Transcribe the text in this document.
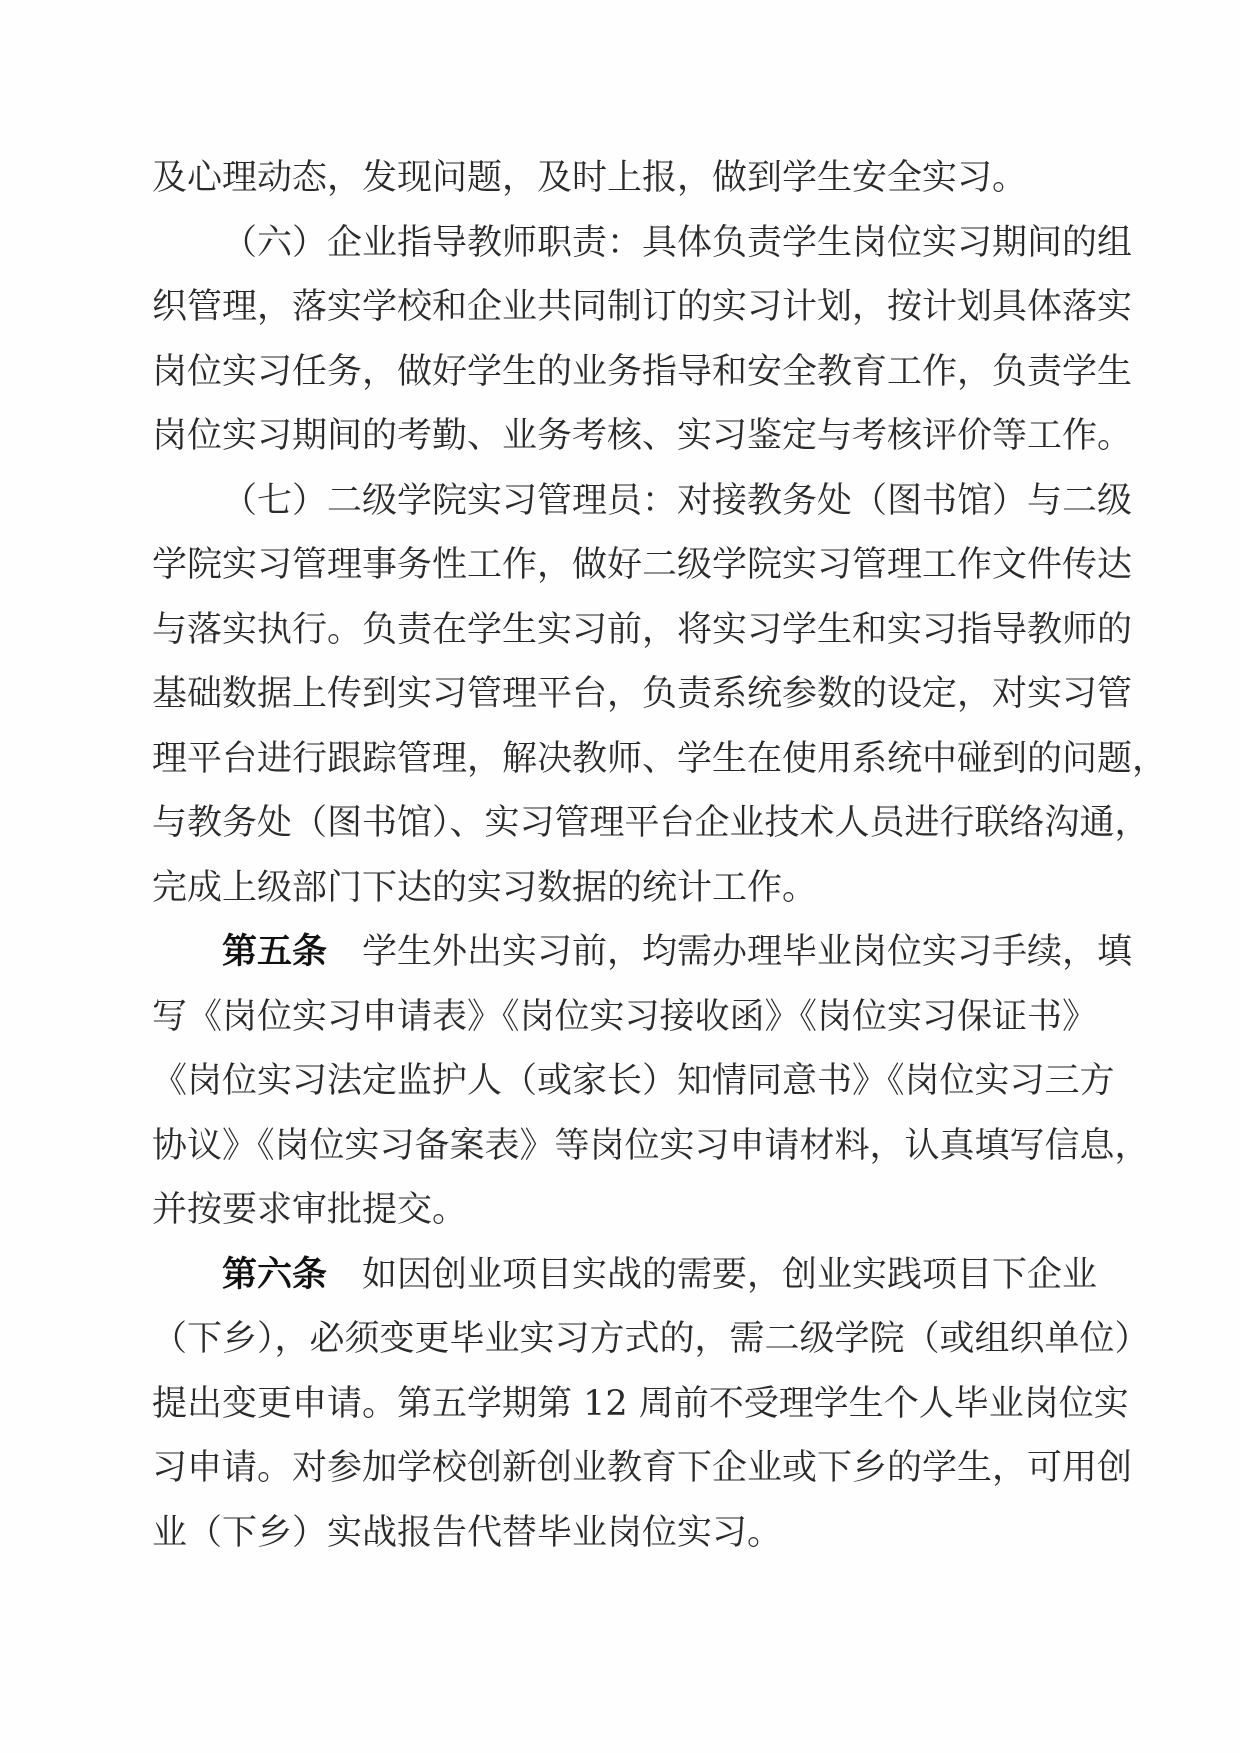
及心理动态，发现问题，及时上报，做到学生安全实习。
（六）企业指导教师职责：具体负责学生岗位实习期间的组
织管理，落实学校和企业共同制订的实习计划，按计划具体落实
岗位实习任务，做好学生的业务指导和安全教育工作，负责学生
岗位实习期间的考勤、业务考核、实习鉴定与考核评价等工作。
（七）二级学院实习管理员：对接教务处（图书馆）与二级
学院实习管理事务性工作，做好二级学院实习管理工作文件传达
与落实执行。负责在学生实习前，将实习学生和实习指导教师的
基础数据上传到实习管理平台，负责系统参数的设定，对实习管
理平台进行跟踪管理，解决教师、学生在使用系统中碰到的问题，
与教务处（图书馆）、实习管理平台企业技术人员进行联络沟通，
完成上级部门下达的实习数据的统计工作。
第五条　 学生外出实习前，均需办理毕业岗位实习手续，填
写《岗位实习申请表》《岗位实习接收函》《岗位实习保证书》
《岗位实习法定监护人（或家长）知情同意书》《岗位实习三方
协议》《岗位实习备案表》等岗位实习申请材料，认真填写信息，
并按要求审批提交。
第六条　 如因创业项目实战的需要，创业实践项目下企业
（下乡），必须变更毕业实习方式的，需二级学院（或组织单位）
提出变更申请。第五学期第 12 周前不受理学生个人毕业岗位实
习申请。对参加学校创新创业教育下企业或下乡的学生，可用创
业（下乡）实战报告代替毕业岗位实习。
